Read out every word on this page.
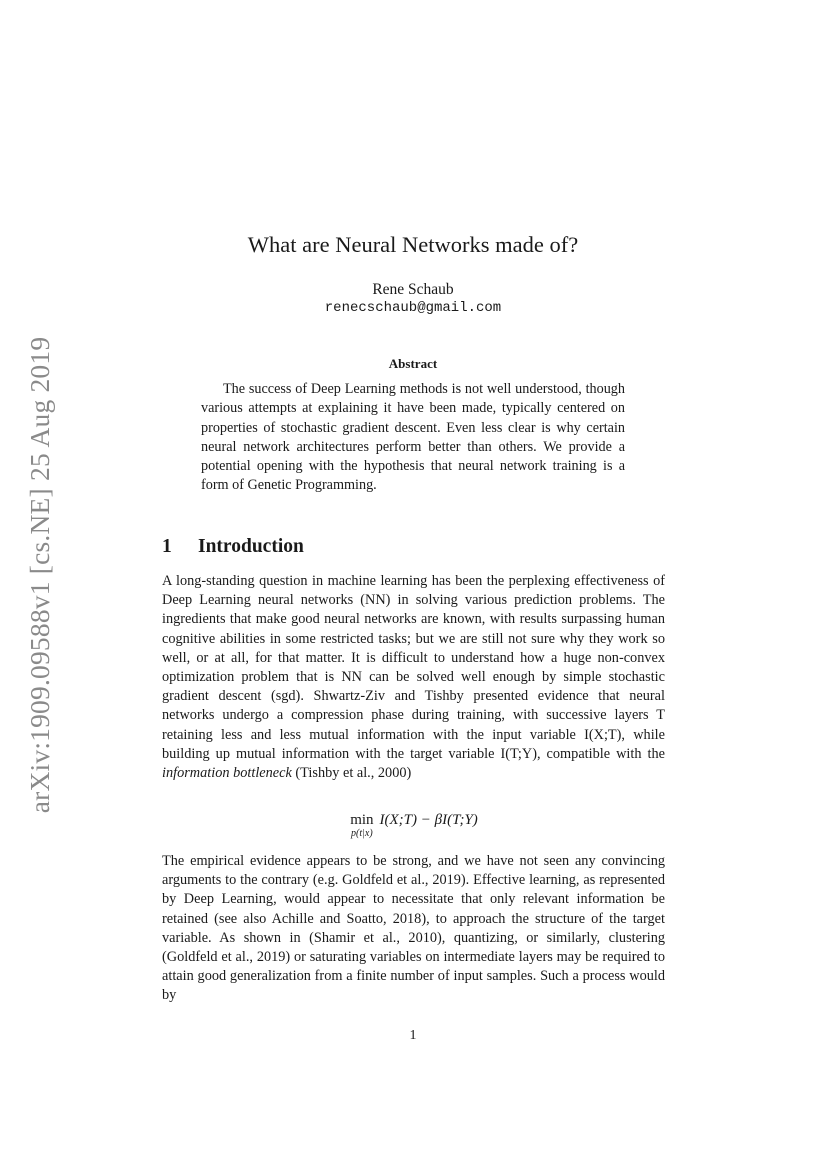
arXiv:1909.09588v1 [cs.NE] 25 Aug 2019
What are Neural Networks made of?
Rene Schaub
renecschaub@gmail.com
Abstract

The success of Deep Learning methods is not well understood, though various attempts at explaining it have been made, typically centered on properties of stochastic gradient descent. Even less clear is why certain neural network architectures perform better than others. We provide a potential opening with the hypothesis that neural network training is a form of Genetic Programming.

1 Introduction

A long-standing question in machine learning has been the perplexing effectiveness of Deep Learning neural networks (NN) in solving various prediction problems. The ingredients that make good neural networks are known, with results surpassing human cognitive abilities in some restricted tasks; but we are still not sure why they work so well, or at all, for that matter. It is difficult to understand how a huge non-convex optimization problem that is NN can be solved well enough by simple stochastic gradient descent (sgd). Shwartz-Ziv and Tishby presented evidence that neural networks undergo a compression phase during training, with successive layers T retaining less and less mutual information with the input variable I(X;T), while building up mutual information with the target variable I(T;Y), compatible with the information bottleneck (Tishby et al., 2000)

min
p(t|x)
I(X;T) − βI(T;Y)

The empirical evidence appears to be strong, and we have not seen any convincing arguments to the contrary (e.g. Goldfeld et al., 2019). Effective learning, as represented by Deep Learning, would appear to necessitate that only relevant information be retained (see also Achille and Soatto, 2018), to approach the structure of the target variable. As shown in (Shamir et al., 2010), quantizing, or similarly, clustering (Goldfeld et al., 2019) or saturating variables on intermediate layers may be required to attain good generalization from a finite number of input samples. Such a process would by

1
